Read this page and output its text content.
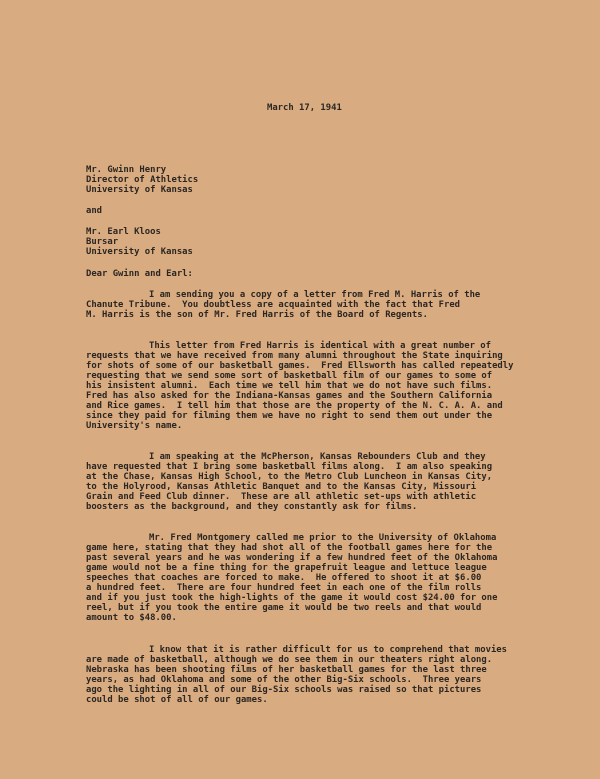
March 17, 1941
Mr. Gwinn Henry
Director of Athletics
University of Kansas
and
Mr. Earl Kloos
Bursar
University of Kansas
Dear Gwinn and Earl:
I am sending you a copy of a letter from Fred M. Harris of the
Chanute Tribune.  You doubtless are acquainted with the fact that Fred
M. Harris is the son of Mr. Fred Harris of the Board of Regents.
This letter from Fred Harris is identical with a great number of
requests that we have received from many alumni throughout the State inquiring
for shots of some of our basketball games.  Fred Ellsworth has called repeatedly
requesting that we send some sort of basketball film of our games to some of
his insistent alumni.  Each time we tell him that we do not have such films.
Fred has also asked for the Indiana-Kansas games and the Southern California
and Rice games.  I tell him that those are the property of the N. C. A. A. and
since they paid for filming them we have no right to send them out under the
University's name.
I am speaking at the McPherson, Kansas Rebounders Club and they
have requested that I bring some basketball films along.  I am also speaking
at the Chase, Kansas High School, to the Metro Club Luncheon in Kansas City,
to the Holyrood, Kansas Athletic Banquet and to the Kansas City, Missouri
Grain and Feed Club dinner.  These are all athletic set-ups with athletic
boosters as the background, and they constantly ask for films.
Mr. Fred Montgomery called me prior to the University of Oklahoma
game here, stating that they had shot all of the football games here for the
past several years and he was wondering if a few hundred feet of the Oklahoma
game would not be a fine thing for the grapefruit league and lettuce league
speeches that coaches are forced to make.  He offered to shoot it at $6.00
a hundred feet.  There are four hundred feet in each one of the film rolls
and if you just took the high-lights of the game it would cost $24.00 for one
reel, but if you took the entire game it would be two reels and that would
amount to $48.00.
I know that it is rather difficult for us to comprehend that movies
are made of basketball, although we do see them in our theaters right along.
Nebraska has been shooting films of her basketball games for the last three
years, as had Oklahoma and some of the other Big-Six schools.  Three years
ago the lighting in all of our Big-Six schools was raised so that pictures
could be shot of all of our games.
